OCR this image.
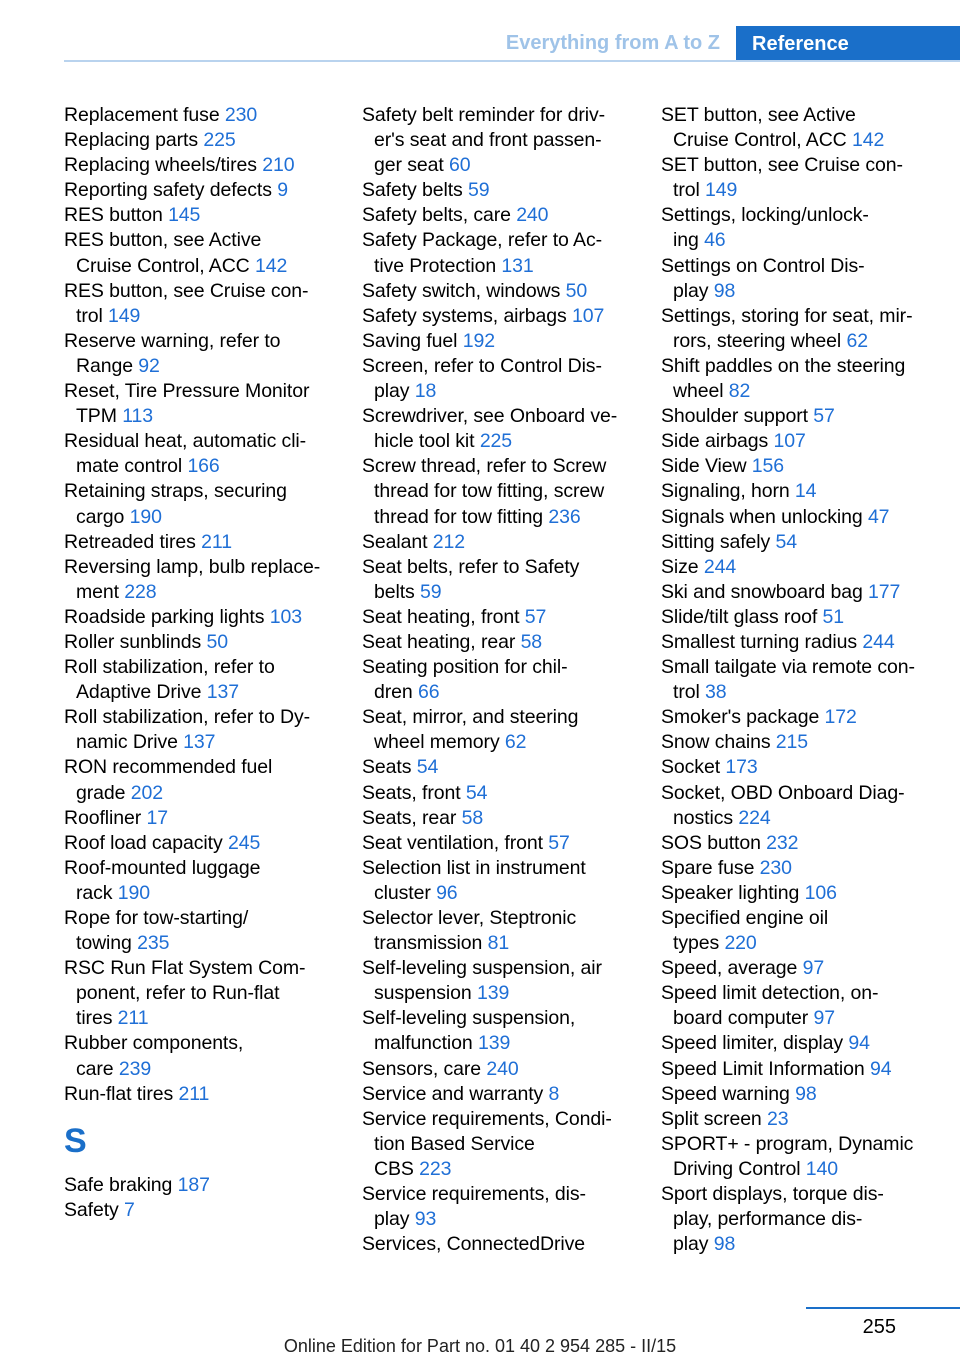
Everything from A to Z	Reference
Replacement fuse 230
Replacing parts 225
Replacing wheels/tires 210
Reporting safety defects 9
RES button 145
RES button, see Active
Cruise Control, ACC 142
RES button, see Cruise con-
trol 149
Reserve warning, refer to
Range 92
Reset, Tire Pressure Monitor
TPM 113
Residual heat, automatic cli-
mate control 166
Retaining straps, securing
cargo 190
Retreaded tires 211
Reversing lamp, bulb replace-
ment 228
Roadside parking lights 103
Roller sunblinds 50
Roll stabilization, refer to
Adaptive Drive 137
Roll stabilization, refer to Dy-
namic Drive 137
RON recommended fuel
grade 202
Roofliner 17
Roof load capacity 245
Roof-mounted luggage
rack 190
Rope for tow-starting/
towing 235
RSC Run Flat System Com-
ponent, refer to Run-flat
tires 211
Rubber components,
care 239
Run-flat tires 211
S
Safe braking 187
Safety 7
Safety belt reminder for driv-
er's seat and front passen-
ger seat 60
Safety belts 59
Safety belts, care 240
Safety Package, refer to Ac-
tive Protection 131
Safety switch, windows 50
Safety systems, airbags 107
Saving fuel 192
Screen, refer to Control Dis-
play 18
Screwdriver, see Onboard ve-
hicle tool kit 225
Screw thread, refer to Screw
thread for tow fitting, screw
thread for tow fitting 236
Sealant 212
Seat belts, refer to Safety
belts 59
Seat heating, front 57
Seat heating, rear 58
Seating position for chil-
dren 66
Seat, mirror, and steering
wheel memory 62
Seats 54
Seats, front 54
Seats, rear 58
Seat ventilation, front 57
Selection list in instrument
cluster 96
Selector lever, Steptronic
transmission 81
Self-leveling suspension, air
suspension 139
Self-leveling suspension,
malfunction 139
Sensors, care 240
Service and warranty 8
Service requirements, Condi-
tion Based Service
CBS 223
Service requirements, dis-
play 93
Services, ConnectedDrive
SET button, see Active
Cruise Control, ACC 142
SET button, see Cruise con-
trol 149
Settings, locking/unlock-
ing 46
Settings on Control Dis-
play 98
Settings, storing for seat, mir-
rors, steering wheel 62
Shift paddles on the steering
wheel 82
Shoulder support 57
Side airbags 107
Side View 156
Signaling, horn 14
Signals when unlocking 47
Sitting safely 54
Size 244
Ski and snowboard bag 177
Slide/tilt glass roof 51
Smallest turning radius 244
Small tailgate via remote con-
trol 38
Smoker's package 172
Snow chains 215
Socket 173
Socket, OBD Onboard Diag-
nostics 224
SOS button 232
Spare fuse 230
Speaker lighting 106
Specified engine oil
types 220
Speed, average 97
Speed limit detection, on-
board computer 97
Speed limiter, display 94
Speed Limit Information 94
Speed warning 98
Split screen 23
SPORT+ - program, Dynamic
Driving Control 140
Sport displays, torque dis-
play, performance dis-
play 98
255
Online Edition for Part no. 01 40 2 954 285 - II/15
